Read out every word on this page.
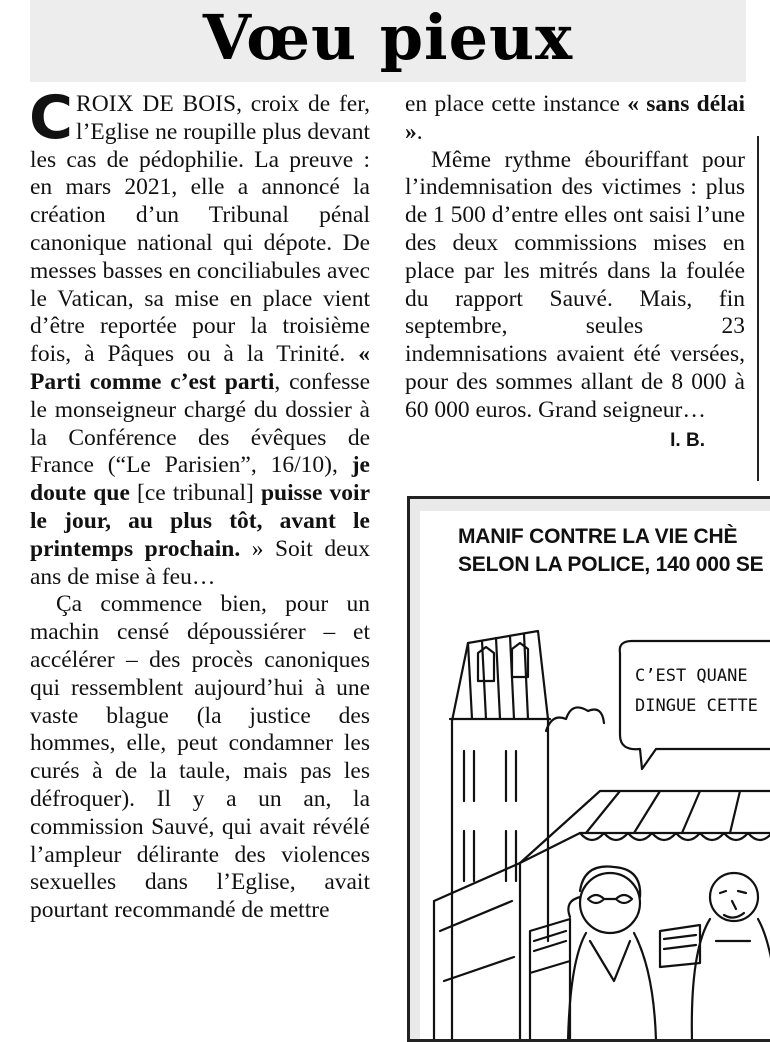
Vœu pieux

CROIX DE BOIS, croix de fer, l’Eglise ne roupille plus devant les cas de pédophilie. La preuve : en mars 2021, elle a annoncé la création d’un Tribunal pénal canonique national qui dépote. De messes basses en conciliabules avec le Vatican, sa mise en place vient d’être reportée pour la troisième fois, à Pâques ou à la Trinité. « Parti comme c’est parti, confesse le monseigneur chargé du dossier à la Conférence des évêques de France (“Le Parisien”, 16/10), je doute que [ce tribunal] puisse voir le jour, au plus tôt, avant le printemps prochain. » Soit deux ans de mise à feu…

Ça commence bien, pour un machin censé dépoussiérer – et accélérer – des procès canoniques qui ressemblent aujourd’hui à une vaste blague (la justice des hommes, elle, peut condamner les curés à de la taule, mais pas les défroquer). Il y a un an, la commission Sauvé, qui avait révélé l’ampleur délirante des violences sexuelles dans l’Eglise, avait pourtant recommandé de mettre

en place cette instance « sans délai ».

Même rythme ébouriffant pour l’indemnisation des victimes : plus de 1 500 d’entre elles ont saisi l’une des deux commissions mises en place par les mitrés dans la foulée du rapport Sauvé. Mais, fin septembre, seules 23 indemnisations avaient été versées, pour des sommes allant de 8 000 à 60 000 euros. Grand seigneur…

I. B.

MANIF CONTRE LA VIE CHÈ
SELON LA POLICE, 140 000 SE
C’EST QUANE
DINGUE CETTE
